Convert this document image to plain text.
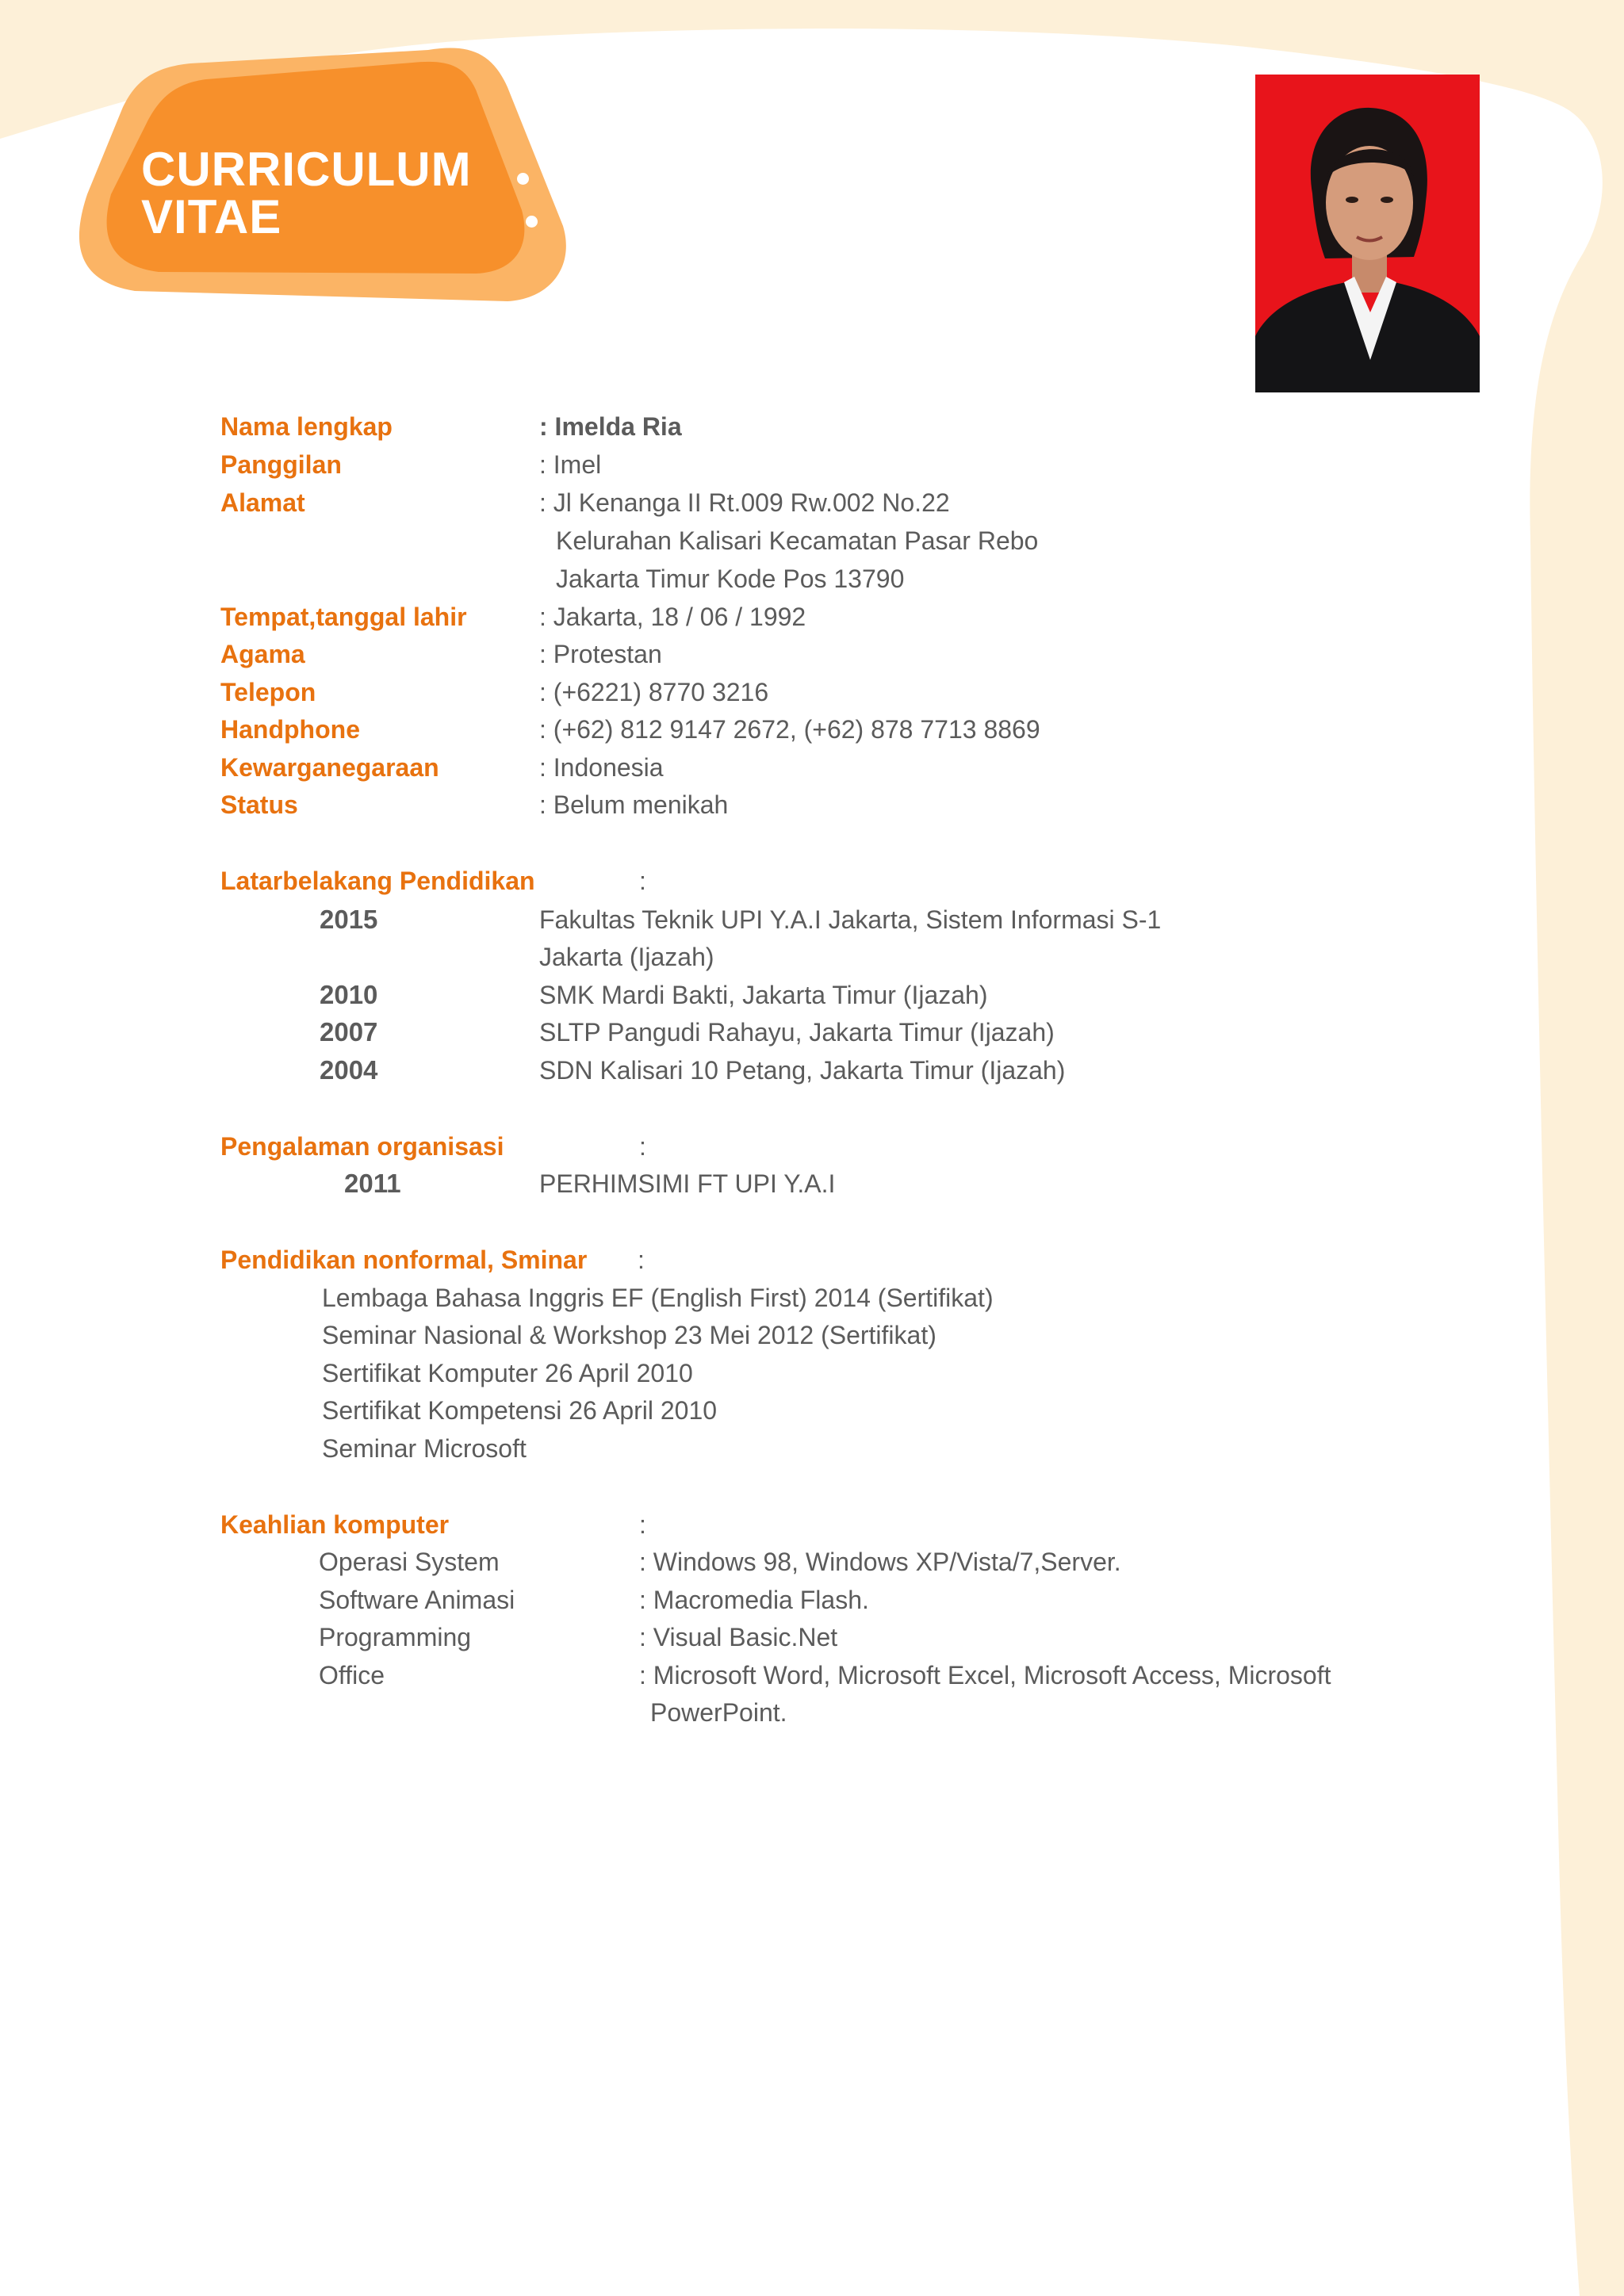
CURRICULUM
VITAE
Nama lengkap	: Imelda Ria
Panggilan	: Imel
Alamat	: Jl Kenanga II Rt.009 Rw.002 No.22
Kelurahan Kalisari Kecamatan Pasar Rebo
Jakarta Timur Kode Pos 13790
Tempat,tanggal lahir	: Jakarta, 18 / 06 / 1992
Agama	: Protestan
Telepon	: (+6221) 8770 3216
Handphone	: (+62) 812 9147 2672, (+62) 878 7713 8869
Kewarganegaraan	: Indonesia
Status	: Belum menikah
Latarbelakang Pendidikan	:
2015	Fakultas Teknik UPI Y.A.I Jakarta, Sistem Informasi S-1
Jakarta (Ijazah)
2010	SMK Mardi Bakti, Jakarta Timur (Ijazah)
2007	SLTP Pangudi Rahayu, Jakarta Timur (Ijazah)
2004	SDN Kalisari 10 Petang, Jakarta Timur (Ijazah)
Pengalaman organisasi	:
2011	PERHIMSIMI FT UPI Y.A.I
Pendidikan nonformal, Sminar :
Lembaga Bahasa Inggris EF (English First) 2014 (Sertifikat)
Seminar Nasional & Workshop 23 Mei 2012 (Sertifikat)
Sertifikat Komputer 26 April 2010
Sertifikat Kompetensi 26 April 2010
Seminar Microsoft
Keahlian komputer	:
Operasi System	: Windows 98, Windows XP/Vista/7,Server.
Software Animasi	: Macromedia Flash.
Programming	: Visual Basic.Net
Office	: Microsoft Word, Microsoft Excel, Microsoft Access, Microsoft
PowerPoint.
